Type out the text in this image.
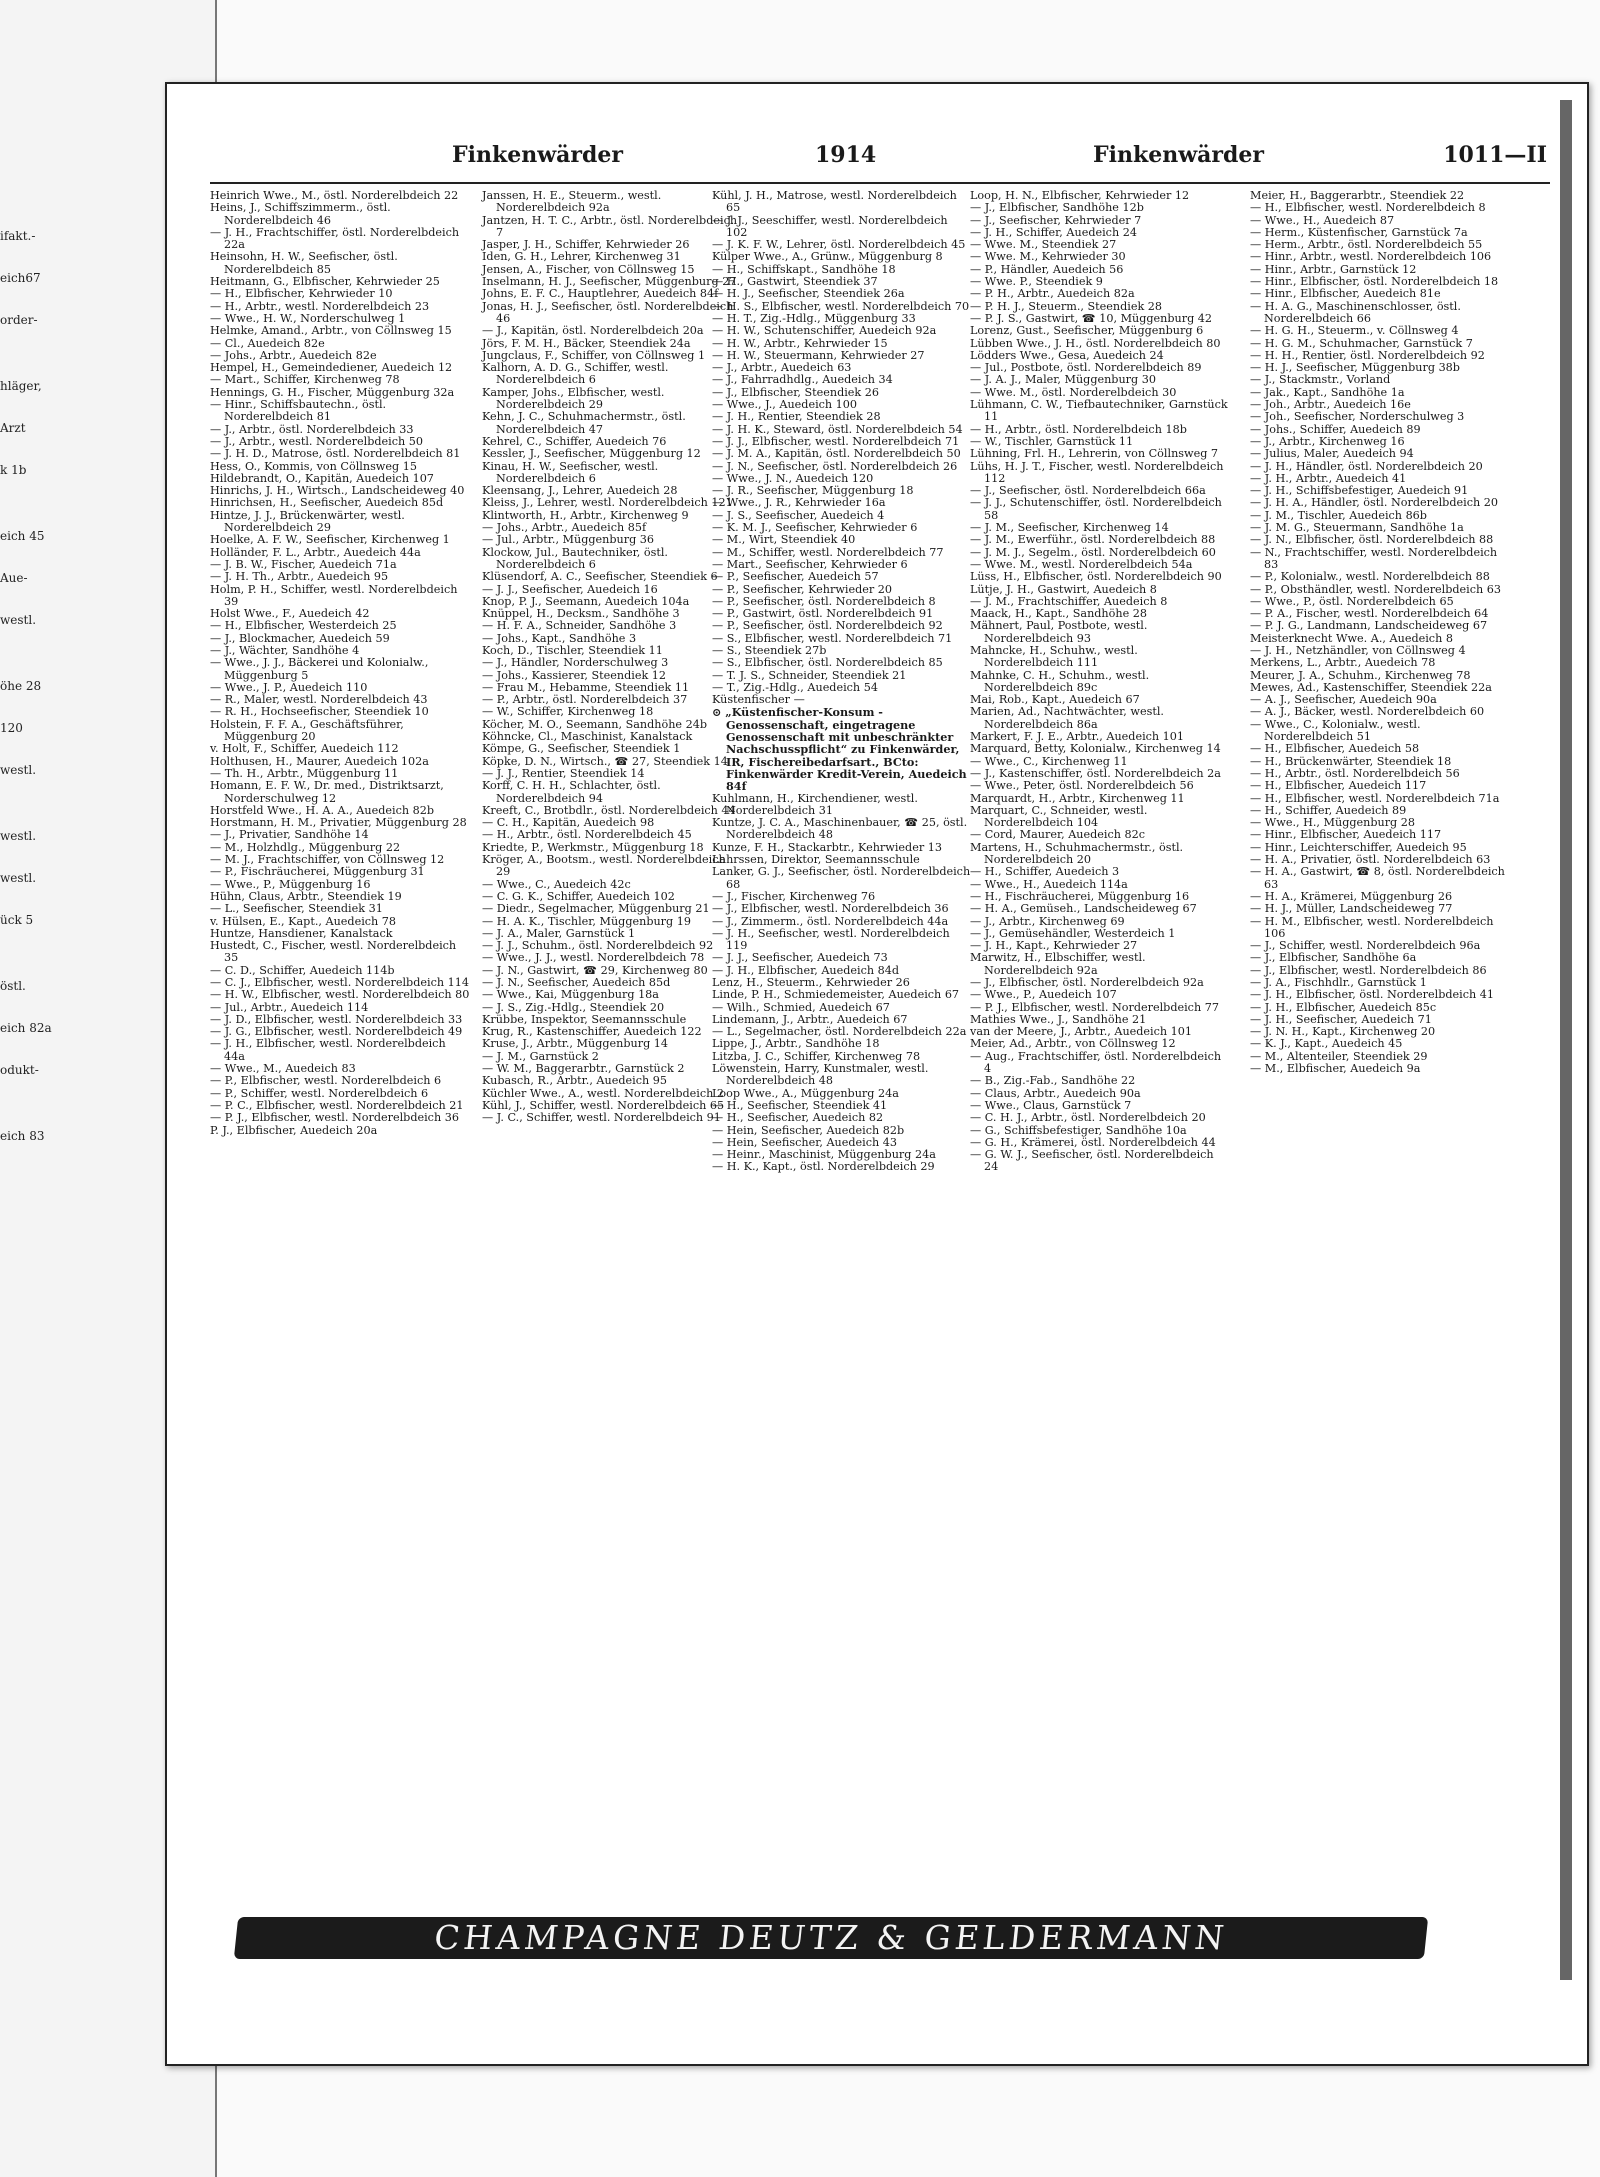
ifakt.-
eich67
order-
hläger,
Arzt
k 1b
eich 45
Aue-
westl.
öhe 28
120
westl.
westl.
westl.
ück 5
östl.
eich 82a
odukt-
eich 83
Finkenwärder	1914	Finkenwärder	1011—II

Heinrich Wwe., M., östl. Norderelbdeich 22

Heins, J., Schiffszimmerm., östl. Norderelbdeich 46

— J. H., Frachtschiffer, östl. Norderelbdeich 22a

Heinsohn, H. W., Seefischer, östl. Norderelbdeich 85

Heitmann, G., Elbfischer, Kehrwieder 25

— H., Elbfischer, Kehrwieder 10

— H., Arbtr., westl. Norderelbdeich 23

— Wwe., H. W., Norderschulweg 1

Helmke, Amand., Arbtr., von Cöllnsweg 15

— Cl., Auedeich 82e

— Johs., Arbtr., Auedeich 82e

Hempel, H., Gemeindediener, Auedeich 12

— Mart., Schiffer, Kirchenweg 78

Hennings, G. H., Fischer, Müggenburg 32a

— Hinr., Schiffsbautechn., östl. Norderelbdeich 81

— J., Arbtr., östl. Norderelbdeich 33

— J., Arbtr., westl. Norderelbdeich 50

— J. H. D., Matrose, östl. Norderelbdeich 81

Hess, O., Kommis, von Cöllnsweg 15

Hildebrandt, O., Kapitän, Auedeich 107

Hinrichs, J. H., Wirtsch., Landscheideweg 40

Hinrichsen, H., Seefischer, Auedeich 85d

Hintze, J. J., Brückenwärter, westl. Norderelbdeich 29

Hoelke, A. F. W., Seefischer, Kirchenweg 1

Holländer, F. L., Arbtr., Auedeich 44a

— J. B. W., Fischer, Auedeich 71a

— J. H. Th., Arbtr., Auedeich 95

Holm, P. H., Schiffer, westl. Norderelbdeich 39

Holst Wwe., F., Auedeich 42

— H., Elbfischer, Westerdeich 25

— J., Blockmacher, Auedeich 59

— J., Wächter, Sandhöhe 4

— Wwe., J. J., Bäckerei und Kolonialw., Müggenburg 5

— Wwe., J. P., Auedeich 110

— R., Maler, westl. Norderelbdeich 43

— R. H., Hochseefischer, Steendiek 10

Holstein, F. F. A., Geschäftsführer, Müggenburg 20

v. Holt, F., Schiffer, Auedeich 112

Holthusen, H., Maurer, Auedeich 102a

— Th. H., Arbtr., Müggenburg 11

Homann, E. F. W., Dr. med., Distriktsarzt, Norderschulweg 12

Horstfeld Wwe., H. A. A., Auedeich 82b

Horstmann, H. M., Privatier, Müggenburg 28

— J., Privatier, Sandhöhe 14

— M., Holzhdlg., Müggenburg 22

— M. J., Frachtschiffer, von Cöllnsweg 12

— P., Fischräucherei, Müggenburg 31

— Wwe., P., Müggenburg 16

Hühn, Claus, Arbtr., Steendiek 19

— L., Seefischer, Steendiek 31

v. Hülsen, E., Kapt., Auedeich 78

Huntze, Hansdiener, Kanalstack

Hustedt, C., Fischer, westl. Norderelbdeich 35

— C. D., Schiffer, Auedeich 114b

— C. J., Elbfischer, westl. Norderelbdeich 114

— H. W., Elbfischer, westl. Norderelbdeich 80

— Jul., Arbtr., Auedeich 114

— J. D., Elbfischer, westl. Norderelbdeich 33

— J. G., Elbfischer, westl. Norderelbdeich 49

— J. H., Elbfischer, westl. Norderelbdeich 44a

— Wwe., M., Auedeich 83

— P., Elbfischer, westl. Norderelbdeich 6

— P., Schiffer, westl. Norderelbdeich 6

— P. C., Elbfischer, westl. Norderelbdeich 21

— P. J., Elbfischer, westl. Norderelbdeich 36

P. J., Elbfischer, Auedeich 20a

Janssen, H. E., Steuerm., westl. Norderelbdeich 92a

Jantzen, H. T. C., Arbtr., östl. Norderelbdeich 7

Jasper, J. H., Schiffer, Kehrwieder 26

Iden, G. H., Lehrer, Kirchenweg 31

Jensen, A., Fischer, von Cöllnsweg 15

Inselmann, H. J., Seefischer, Müggenburg 27

Johns, E. F. C., Hauptlehrer, Auedeich 84f

Jonas, H. J., Seefischer, östl. Norderelbdeich 46

— J., Kapitän, östl. Norderelbdeich 20a

Jörs, F. M. H., Bäcker, Steendiek 24a

Jungclaus, F., Schiffer, von Cöllnsweg 1

Kalhorn, A. D. G., Schiffer, westl. Norderelbdeich 6

Kamper, Johs., Elbfischer, westl. Norderelbdeich 29

Kehn, J. C., Schuhmachermstr., östl. Norderelbdeich 47

Kehrel, C., Schiffer, Auedeich 76

Kessler, J., Seefischer, Müggenburg 12

Kinau, H. W., Seefischer, westl. Norderelbdeich 6

Kleensang, J., Lehrer, Auedeich 28

Kleiss, J., Lehrer, westl. Norderelbdeich 121

Klintworth, H., Arbtr., Kirchenweg 9

— Johs., Arbtr., Auedeich 85f

— Jul., Arbtr., Müggenburg 36

Klockow, Jul., Bautechniker, östl. Norderelbdeich 6

Klüsendorf, A. C., Seefischer, Steendiek 6

— J. J., Seefischer, Auedeich 16

Knop, P. J., Seemann, Auedeich 104a

Knüppel, H., Decksm., Sandhöhe 3

— H. F. A., Schneider, Sandhöhe 3

— Johs., Kapt., Sandhöhe 3

Koch, D., Tischler, Steendiek 11

— J., Händler, Norderschulweg 3

— Johs., Kassierer, Steendiek 12

— Frau M., Hebamme, Steendiek 11

— P., Arbtr., östl. Norderelbdeich 37

— W., Schiffer, Kirchenweg 18

Köcher, M. O., Seemann, Sandhöhe 24b

Köhncke, Cl., Maschinist, Kanalstack

Kömpe, G., Seefischer, Steendiek 1

Köpke, D. N., Wirtsch., ☎ 27, Steendiek 14

— J. J., Rentier, Steendiek 14

Korff, C. H. H., Schlachter, östl. Norderelbdeich 94

Kreeft, C., Brotbdlr., östl. Norderelbdeich 44

— C. H., Kapitän, Auedeich 98

— H., Arbtr., östl. Norderelbdeich 45

Kriedte, P., Werkmstr., Müggenburg 18

Kröger, A., Bootsm., westl. Norderelbdeich 29

— Wwe., C., Auedeich 42c

— C. G. K., Schiffer, Auedeich 102

— Diedr., Segelmacher, Müggenburg 21

— H. A. K., Tischler, Müggenburg 19

— J. A., Maler, Garnstück 1

— J. J., Schuhm., östl. Norderelbdeich 92

— Wwe., J. J., westl. Norderelbdeich 78

— J. N., Gastwirt, ☎ 29, Kirchenweg 80

— J. N., Seefischer, Auedeich 85d

— Wwe., Kai, Müggenburg 18a

— J. S., Zig.-Hdlg., Steendiek 20

Krübbe, Inspektor, Seemannsschule

Krug, R., Kastenschiffer, Auedeich 122

Kruse, J., Arbtr., Müggenburg 14

— J. M., Garnstück 2

— W. M., Baggerarbtr., Garnstück 2

Kubasch, R., Arbtr., Auedeich 95

Küchler Wwe., A., westl. Norderelbdeich 2

Kühl, J., Schiffer, westl. Norderelbdeich 65

— J. C., Schiffer, westl. Norderelbdeich 91

Kühl, J. H., Matrose, westl. Norderelbdeich 65

— J. J., Seeschiffer, westl. Norderelbdeich 102

— J. K. F. W., Lehrer, östl. Norderelbdeich 45

Külper Wwe., A., Grünw., Müggenburg 8

— H., Schiffskapt., Sandhöhe 18

— H., Gastwirt, Steendiek 37

— H. J., Seefischer, Steendiek 26a

— H. S., Elbfischer, westl. Norderelbdeich 70

— H. T., Zig.-Hdlg., Müggenburg 33

— H. W., Schutenschiffer, Auedeich 92a

— H. W., Arbtr., Kehrwieder 15

— H. W., Steuermann, Kehrwieder 27

— J., Arbtr., Auedeich 63

— J., Fahrradhdlg., Auedeich 34

— J., Elbfischer, Steendiek 26

— Wwe., J., Auedeich 100

— J. H., Rentier, Steendiek 28

— J. H. K., Steward, östl. Norderelbdeich 54

— J. J., Elbfischer, westl. Norderelbdeich 71

— J. M. A., Kapitän, östl. Norderelbdeich 50

— J. N., Seefischer, östl. Norderelbdeich 26

— Wwe., J. N., Auedeich 120

— J. R., Seefischer, Müggenburg 18

— Wwe., J. R., Kehrwieder 16a

— J. S., Seefischer, Auedeich 4

— K. M. J., Seefischer, Kehrwieder 6

— M., Wirt, Steendiek 40

— M., Schiffer, westl. Norderelbdeich 77

— Mart., Seefischer, Kehrwieder 6

— P., Seefischer, Auedeich 57

— P., Seefischer, Kehrwieder 20

— P., Seefischer, östl. Norderelbdeich 8

— P., Gastwirt, östl. Norderelbdeich 91

— P., Seefischer, östl. Norderelbdeich 92

— S., Elbfischer, westl. Norderelbdeich 71

— S., Steendiek 27b

— S., Elbfischer, östl. Norderelbdeich 85

— T. J. S., Schneider, Steendiek 21

— T., Zig.-Hdlg., Auedeich 54

Küstenfischer —

⊙ „Küstenfischer-Konsum - Genossenschaft, eingetragene Genossenschaft mit unbeschränkter Nachschusspflicht“ zu Finkenwärder, IR, Fischereibedarfsart., BCto: Finkenwärder Kredit-Verein, Auedeich 84f

Kuhlmann, H., Kirchendiener, westl. Norderelbdeich 31

Kuntze, J. C. A., Maschinenbauer, ☎ 25, östl. Norderelbdeich 48

Kunze, F. H., Stackarbtr., Kehrwieder 13

Lahrssen, Direktor, Seemannsschule

Lanker, G. J., Seefischer, östl. Norderelbdeich 68

— J., Fischer, Kirchenweg 76

— J., Elbfischer, westl. Norderelbdeich 36

— J., Zimmerm., östl. Norderelbdeich 44a

— J. H., Seefischer, westl. Norderelbdeich 119

— J. J., Seefischer, Auedeich 73

— J. H., Elbfischer, Auedeich 84d

Lenz, H., Steuerm., Kehrwieder 26

Linde, P. H., Schmiedemeister, Auedeich 67

— Wilh., Schmied, Auedeich 67

Lindemann, J., Arbtr., Auedeich 67

— L., Segelmacher, östl. Norderelbdeich 22a

Lippe, J., Arbtr., Sandhöhe 18

Litzba, J. C., Schiffer, Kirchenweg 78

Löwenstein, Harry, Kunstmaler, westl. Norderelbdeich 48

Loop Wwe., A., Müggenburg 24a

— H., Seefischer, Steendiek 41

— H., Seefischer, Auedeich 82

— Hein, Seefischer, Auedeich 82b

— Hein, Seefischer, Auedeich 43

— Heinr., Maschinist, Müggenburg 24a

— H. K., Kapt., östl. Norderelbdeich 29

Loop, H. N., Elbfischer, Kehrwieder 12

— J., Elbfischer, Sandhöhe 12b

— J., Seefischer, Kehrwieder 7

— J. H., Schiffer, Auedeich 24

— Wwe. M., Steendiek 27

— Wwe. M., Kehrwieder 30

— P., Händler, Auedeich 56

— Wwe. P., Steendiek 9

— P. H., Arbtr., Auedeich 82a

— P. H. J., Steuerm., Steendiek 28

— P. J. S., Gastwirt, ☎ 10, Müggenburg 42

Lorenz, Gust., Seefischer, Müggenburg 6

Lübben Wwe., J. H., östl. Norderelbdeich 80

Lödders Wwe., Gesa, Auedeich 24

— Jul., Postbote, östl. Norderelbdeich 89

— J. A. J., Maler, Müggenburg 30

— Wwe. M., östl. Norderelbdeich 30

Lühmann, C. W., Tiefbautechniker, Garnstück 11

— H., Arbtr., östl. Norderelbdeich 18b

— W., Tischler, Garnstück 11

Lühning, Frl. H., Lehrerin, von Cöllnsweg 7

Lühs, H. J. T., Fischer, westl. Norderelbdeich 112

— J., Seefischer, östl. Norderelbdeich 66a

— J. J., Schutenschiffer, östl. Norderelbdeich 58

— J. M., Seefischer, Kirchenweg 14

— J. M., Ewerführ., östl. Norderelbdeich 88

— J. M. J., Segelm., östl. Norderelbdeich 60

— Wwe. M., westl. Norderelbdeich 54a

Lüss, H., Elbfischer, östl. Norderelbdeich 90

Lütje, J. H., Gastwirt, Auedeich 8

— J. M., Frachtschiffer, Auedeich 8

Maack, H., Kapt., Sandhöhe 28

Mähnert, Paul, Postbote, westl. Norderelbdeich 93

Mahncke, H., Schuhw., westl. Norderelbdeich 111

Mahnke, C. H., Schuhm., westl. Norderelbdeich 89c

Mai, Rob., Kapt., Auedeich 67

Marien, Ad., Nachtwächter, westl. Norderelbdeich 86a

Markert, F. J. E., Arbtr., Auedeich 101

Marquard, Betty, Kolonialw., Kirchenweg 14

— Wwe., C., Kirchenweg 11

— J., Kastenschiffer, östl. Norderelbdeich 2a

— Wwe., Peter, östl. Norderelbdeich 56

Marquardt, H., Arbtr., Kirchenweg 11

Marquart, C., Schneider, westl. Norderelbdeich 104

— Cord, Maurer, Auedeich 82c

Martens, H., Schuhmachermstr., östl. Norderelbdeich 20

— H., Schiffer, Auedeich 3

— Wwe., H., Auedeich 114a

— H., Fischräucherei, Müggenburg 16

— H. A., Gemüseh., Landscheideweg 67

— J., Arbtr., Kirchenweg 69

— J., Gemüsehändler, Westerdeich 1

— J. H., Kapt., Kehrwieder 27

Marwitz, H., Elbschiffer, westl. Norderelbdeich 92a

— J., Elbfischer, östl. Norderelbdeich 92a

— Wwe., P., Auedeich 107

— P. J., Elbfischer, westl. Norderelbdeich 77

Mathies Wwe., J., Sandhöhe 21

van der Meere, J., Arbtr., Auedeich 101

Meier, Ad., Arbtr., von Cöllnsweg 12

— Aug., Frachtschiffer, östl. Norderelbdeich 4

— B., Zig.-Fab., Sandhöhe 22

— Claus, Arbtr., Auedeich 90a

— Wwe., Claus, Garnstück 7

— C. H. J., Arbtr., östl. Norderelbdeich 20

— G., Schiffsbefestiger, Sandhöhe 10a

— G. H., Krämerei, östl. Norderelbdeich 44

— G. W. J., Seefischer, östl. Norderelbdeich 24

Meier, H., Baggerarbtr., Steendiek 22

— H., Elbfischer, westl. Norderelbdeich 8

— Wwe., H., Auedeich 87

— Herm., Küstenfischer, Garnstück 7a

— Herm., Arbtr., östl. Norderelbdeich 55

— Hinr., Arbtr., westl. Norderelbdeich 106

— Hinr., Arbtr., Garnstück 12

— Hinr., Elbfischer, östl. Norderelbdeich 18

— Hinr., Elbfischer, Auedeich 81e

— H. A. G., Maschinenschlosser, östl. Norderelbdeich 66

— H. G. H., Steuerm., v. Cöllnsweg 4

— H. G. M., Schuhmacher, Garnstück 7

— H. H., Rentier, östl. Norderelbdeich 92

— H. J., Seefischer, Müggenburg 38b

— J., Stackmstr., Vorland

— Jak., Kapt., Sandhöhe 1a

— Joh., Arbtr., Auedeich 16e

— Joh., Seefischer, Norderschulweg 3

— Johs., Schiffer, Auedeich 89

— J., Arbtr., Kirchenweg 16

— Julius, Maler, Auedeich 94

— J. H., Händler, östl. Norderelbdeich 20

— J. H., Arbtr., Auedeich 41

— J. H., Schiffsbefestiger, Auedeich 91

— J. H. A., Händler, östl. Norderelbdeich 20

— J. M., Tischler, Auedeich 86b

— J. M. G., Steuermann, Sandhöhe 1a

— J. N., Elbfischer, östl. Norderelbdeich 88

— N., Frachtschiffer, westl. Norderelbdeich 83

— P., Kolonialw., westl. Norderelbdeich 88

— P., Obsthändler, westl. Norderelbdeich 63

— Wwe., P., östl. Norderelbdeich 65

— P. A., Fischer, westl. Norderelbdeich 64

— P. J. G., Landmann, Landscheideweg 67

Meisterknecht Wwe. A., Auedeich 8

— J. H., Netzhändler, von Cöllnsweg 4

Merkens, L., Arbtr., Auedeich 78

Meurer, J. A., Schuhm., Kirchenweg 78

Mewes, Ad., Kastenschiffer, Steendiek 22a

— A. J., Seefischer, Auedeich 90a

— A. J., Bäcker, westl. Norderelbdeich 60

— Wwe., C., Kolonialw., westl. Norderelbdeich 51

— H., Elbfischer, Auedeich 58

— H., Brückenwärter, Steendiek 18

— H., Arbtr., östl. Norderelbdeich 56

— H., Elbfischer, Auedeich 117

— H., Elbfischer, westl. Norderelbdeich 71a

— H., Schiffer, Auedeich 89

— Wwe., H., Müggenburg 28

— Hinr., Elbfischer, Auedeich 117

— Hinr., Leichterschiffer, Auedeich 95

— H. A., Privatier, östl. Norderelbdeich 63

— H. A., Gastwirt, ☎ 8, östl. Norderelbdeich 63

— H. A., Krämerei, Müggenburg 26

— H. J., Müller, Landscheideweg 77

— H. M., Elbfischer, westl. Norderelbdeich 106

— J., Schiffer, westl. Norderelbdeich 96a

— J., Elbfischer, Sandhöhe 6a

— J., Elbfischer, westl. Norderelbdeich 86

— J. A., Fischhdlr., Garnstück 1

— J. H., Elbfischer, östl. Norderelbdeich 41

— J. H., Elbfischer, Auedeich 85c

— J. H., Seefischer, Auedeich 71

— J. N. H., Kapt., Kirchenweg 20

— K. J., Kapt., Auedeich 45

— M., Altenteiler, Steendiek 29

— M., Elbfischer, Auedeich 9a

CHAMPAGNE DEUTZ & GELDERMANN
